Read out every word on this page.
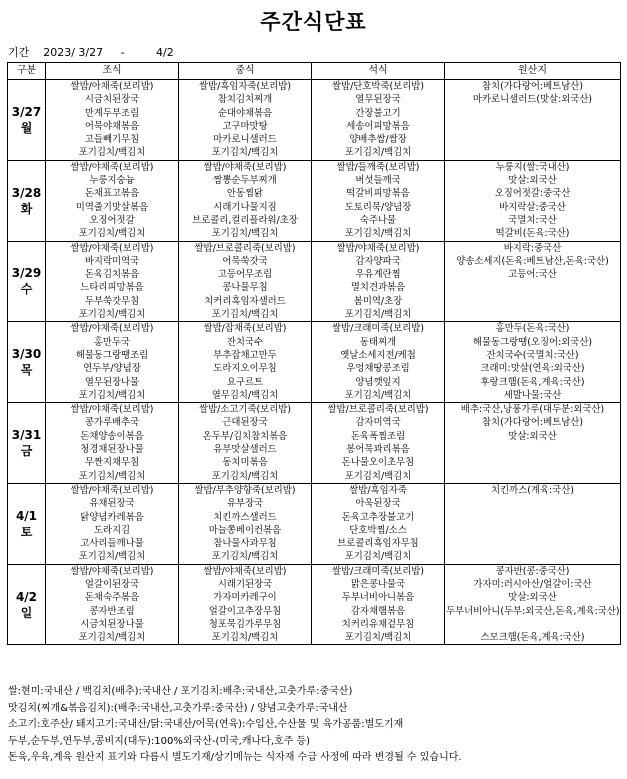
주간식단표
기간    2023/ 3/27     -         4/2
구분	조식	중식	석식	원산지
3/27
월	쌀밥/아채죽(보리밥)	쌀밥/흑임자죽(보리밥)	쌀밥/단호박죽(보리밥)	참치(가다랑어:베트남산)
	시금치된장국	참치김치찌개	열무된장국	마카로니샐러드(맛살:외국산)
	만계두부조림	순대야채볶음	간장불고기	
	어묵야채볶음	고구마맛탕	세송이피망볶음	
	고들빼기무침	마카로니샐러드	양배추쌈/쌈장	
	포기김치/백김치	포기김치/백김치	포기김치/백김치	
3/28
화	쌀밥/야채죽(보리밥)	쌀밥/야채죽(보리밥)	쌀밥/들깨죽(보리밥)	누룽지(쌀:국내산)
	누룽지숭늉	짬뽕순두부찌개	버섯들깨국	맛살:외국산
	돈채표고볶음	안동찜닭	떡갈비피망볶음	오징어젓갈:중국산
	미역줄기맛살볶음	시래기나물지짐	도토리묵/양념장	바지락살:중국산
	오징어젓갈	브로콜리,컬리플라워/초장	숙주나물	국멸치:국산
	포기김치/백김치	포기김치/백김치	포기김치/백김치	떡갈비(돈육:국산)
3/29
수	쌀밥/야채죽(보리밥)	쌀밥/브로콜리죽(보리밥)	쌀밥/야채죽(보리밥)	바지락:중국산
	바지락미역국	어묵쑥갓국	감자양파국	양송소세지(돈육:베트남산,돈육:국산)
	돈육김치볶음	고등어무조림	우유계란찜	고등어:국산
	느타리피망볶음	콩나물무침	멸치견과볶음	
	두부쑥갓무침	치커리흑임자샐러드	봄미역/초장	
	포기김치/백김치	포기김치/백김치	포기김치/백김치	
3/30
목	쌀밥/야채죽(보리밥)	쌀밥/잡채죽(보리밥)	쌀밥/크래미죽(보리밥)	홍만두(돈육:국산)
	홍만두국	잔치국수	동태찌개	해물동그랑땡(오징어:외국산)
	해물동그랑땡조림	부추잡채고만두	옛날소세지전/케첩	잔치국수(국멸치:국산)
	연두부/양념장	도라지오이무침	우엉채땅콩조림	크래미:맛살(연육:외국산)
	열무된장나물	요구르트	양념깻잎지	후랑크햄(돈육,계육:국산)
	포기김치/백김치	열무김치/백김치	포기김치/백김치	세발나물:국산
3/31
금	쌀밥/야채죽(보리밥)	쌀밥/소고기죽(보리밥)	쌀밥/브로콜리죽(보리밥)	배추:국산,낭풍가루(대두분:외국산)
	콩가루배추국	근대된장국	감자미역국	참치(가다랑어:베트남산)
	돈채양송이볶음	온두부/김치참치볶음	돈육폭찜조림	맛살:외국산
	청경채된장나물	유부맛살샐러드	봉어묵꽈리볶음	
	무짠지채무침	동치미볶음	돈나물오이초무침	
	포기김치/백김치	포기김치/백김치	포기김치/백김치	
4/1
토	쌀밥/야채죽(보리밥)	쌀밥/부추양향죽(보리밥)	쌀밥/흑임자죽	치킨까스(계육:국산)
	유채된장국	유부장국	아욱된장국	
	닭양념카레볶음	치킨까스샐러드	돈육고추장불고기	
	도라지김	마늘쫑베이컨볶음	단호박찜/소스	
	고사리들깨나물	참나물사과무침	브로콜리흑임자무침	
	포기김치/백김치	포기김치/백김치	포기김치/백김치	
4/2
일	쌀밥/야채죽(보리밥)	쌀밥/야채죽(보리밥)	쌀밥/크래미죽(보리밥)	콩자반(콩:중국산)
	얼갈이된장국	시래기된장국	맑은콩나물국	가자미:러시아산/얼갈이:국산
	돈채숙주볶음	가자미카레구이	두부너비아니볶음	맛살:외국산
	콩자반조림	얼갈이고추장무침	감자채햄볶음	두부너비아니(두부:외국산,돈육,계육:국산)
	시금치된장나물	청포묵김가루무침	치커리유채겉무침	
	포기김치/백김치	포기김치/백김치	포기김치/백김치	스모크햄(돈육,계육:국산)
쌀:현미:국내산 / 백김치(배추):국내산 / 포기김치:배추:국내산,고춧가루:중국산)
맛김치(찌개&볶음김치):(배추:국내산,고춧가루:중국산) / 양념고춧가루:국내산
소고기:호주산/ 돼지고기:국내산/닭:국내산/어묵(연육):수입산,수산물 및 육가공품:별도기재
두부,순두부,연두부,콩비지(대두):100%외국산-(미국,캐나다,호주 등)
돈육,우육,계육 원산지 표기와 다름시 별도기재/상기메뉴는 식자재 수급 사정에 따라 변경될 수 있습니다.
